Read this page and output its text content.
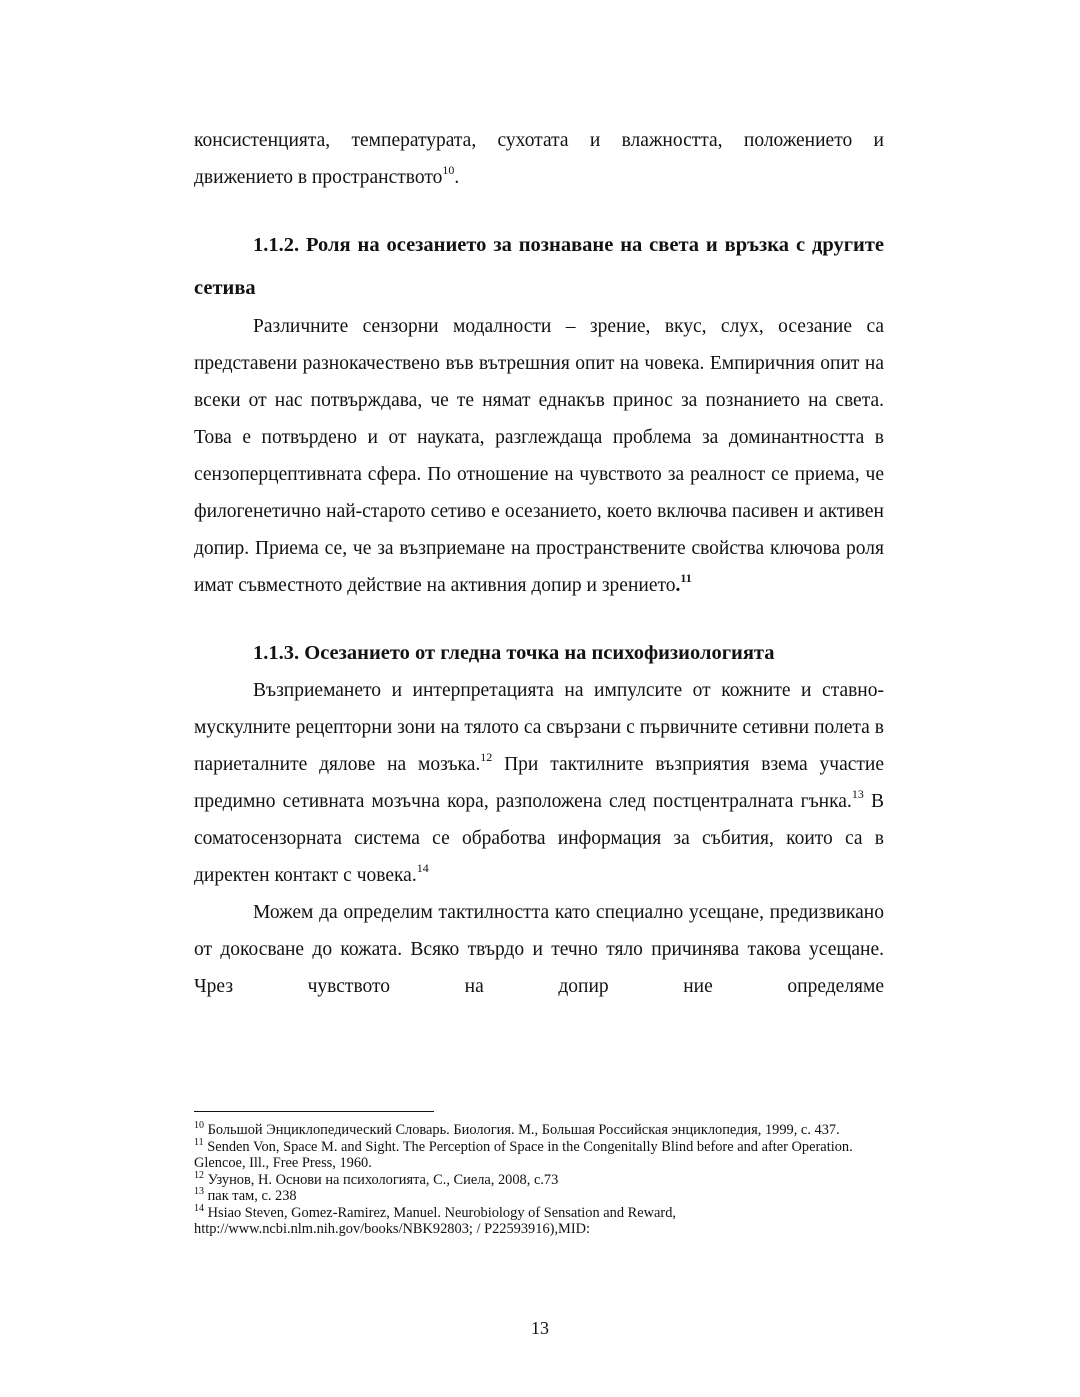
консистенцията, температурата, сухотата и влажността, положението и движението в пространството$^{10}$.

1.1.2. Роля на осезанието за познаване на света и връзка с другите сетива

Различните сензорни модалности – зрение, вкус, слух, осезание са представени разнокачествено във вътрешния опит на човека. Емпиричния опит на всеки от нас потвърждава, че те нямат еднакъв принос за познанието на света. Това е потвърдено и от науката, разглеждаща проблема за доминантността в сензоперцептивната сфера. По отношение на чувството за реалност се приема, че филогенетично най-старото сетиво е осезанието, което включва пасивен и активен допир. Приема се, че за възприемане на пространствените свойства ключова роля имат съвместното действие на активния допир и зрението.$^{11}$

1.1.3. Осезанието от гледна точка на психофизиологията

Възприемането и интерпретацията на импулсите от кожните и ставно-мускулните рецепторни зони на тялото са свързани с първичните сетивни полета в париеталните дялове на мозъка.$^{12}$ При тактилните възприятия взема участие предимно сетивната мозъчна кора, разположена след постцентралната гънка.$^{13}$ В соматосензорната система се обработва информация за събития, които са в директен контакт с човека.$^{14}$

Можем да определим тактилността като специално усещане, предизвикано от докосване до кожата. Всяко твърдо и течно тяло причинява такова усещане. Чрез чувството на допир ние определяме

$^{10}$ Большой Энциклопедический Словарь. Биология. М., Большая Российская энциклопедия, 1999, с. 437.

$^{11}$ Senden Von, Space M. and Sight. The Perception of Space in the Congenitally Blind before and after Operation. Glencoe, Ill., Free Press, 1960.

$^{12}$ Узунов, Н. Основи на психологията, С., Сиела, 2008, с.73

$^{13}$ пак там, с. 238

$^{14}$ Hsiao Steven, Gomez-Ramirez, Manuel. Neurobiology of Sensation and Reward,

http://www.ncbi.nlm.nih.gov/books/NBK92803; / P22593916),MID:

13
